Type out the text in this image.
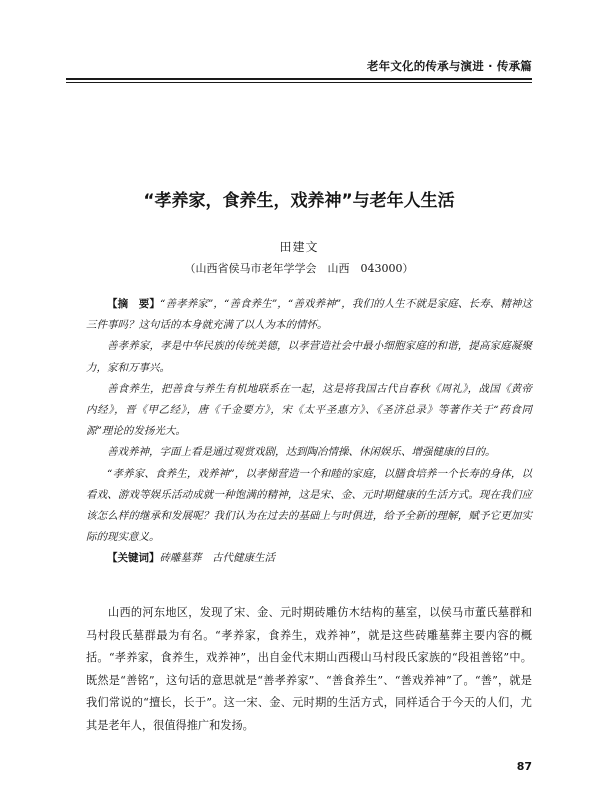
老年文化的传承与演进 · 传承篇
“孝养家，食养生，戏养神”与老年人生活
田建文
（山西省侯马市老年学学会　山西　043000）

【摘　要】“善孝养家”，“善食养生”，“善戏养神”，我们的人生不就是家庭、长寿、精神这三件事吗？这句话的本身就充满了以人为本的情怀。

善孝养家，孝是中华民族的传统美德，以孝营造社会中最小细胞家庭的和谐，提高家庭凝聚力，家和万事兴。

善食养生，把善食与养生有机地联系在一起，这是将我国古代自春秋《周礼》，战国《黄帝内经》，晋《甲乙经》，唐《千金要方》，宋《太平圣惠方》、《圣济总录》等著作关于“药食同源”理论的发扬光大。

善戏养神，字面上看是通过观赏戏剧，达到陶冶情操、休闲娱乐、增强健康的目的。

“孝养家、食养生，戏养神”，以孝悌营造一个和睦的家庭，以膳食培养一个长寿的身体，以看戏、游戏等娱乐活动成就一种饱满的精神，这是宋、金、元时期健康的生活方式。现在我们应该怎么样的继承和发展呢？我们认为在过去的基础上与时俱进，给予全新的理解，赋予它更加实际的现实意义。

【关键词】砖雕墓葬　古代健康生活

山西的河东地区，发现了宋、金、元时期砖雕仿木结构的墓室，以侯马市董氏墓群和马村段氏墓群最为有名。“孝养家，食养生，戏养神”，就是这些砖雕墓葬主要内容的概括。“孝养家，食养生，戏养神”，出自金代末期山西稷山马村段氏家族的“段祖善铭”中。既然是“善铭”，这句话的意思就是“善孝养家”、“善食养生”、“善戏养神”了。“善”，就是我们常说的“擅长，长于”。这一宋、金、元时期的生活方式，同样适合于今天的人们，尤其是老年人，很值得推广和发扬。

87
